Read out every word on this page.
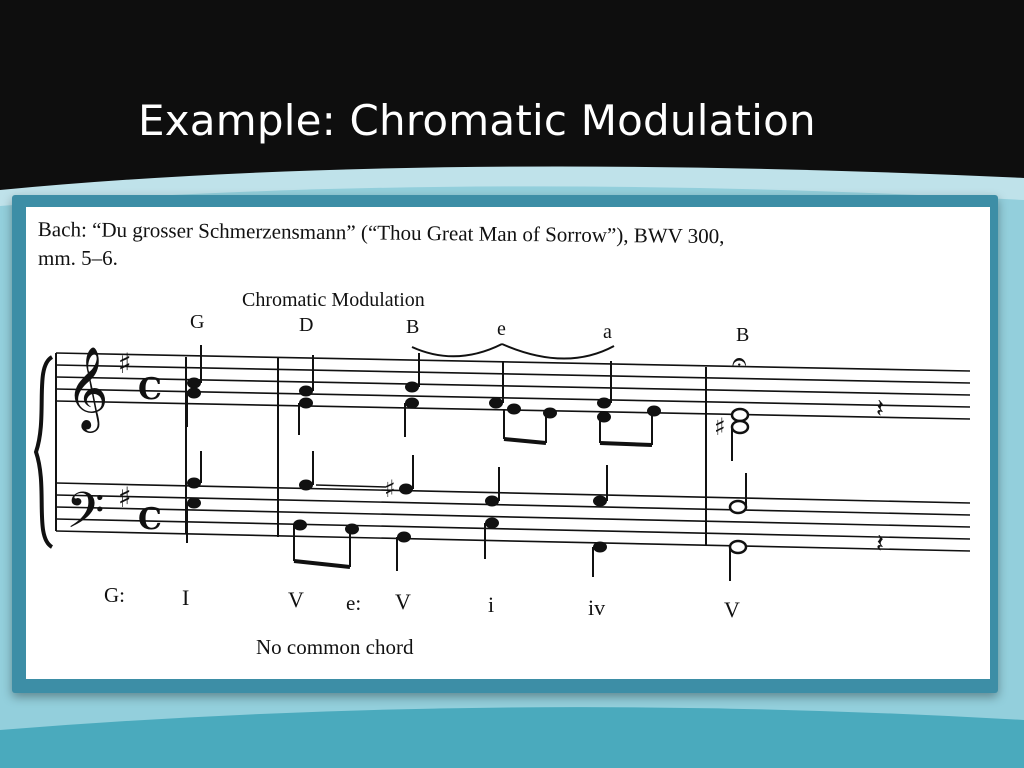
Example: Chromatic Modulation
Bach: “Du grosser Schmerzensmann” (“Thou Great Man of Sorrow”), BWV 300,
mm. 5–6.
Chromatic Modulation
G	D	B	e	a	B
G:	I	V e: V	i	iv	V
No common chord
𝄞
𝄢
♯
♯
C
C
𝄐
♯
♯
𝄽
𝄽
